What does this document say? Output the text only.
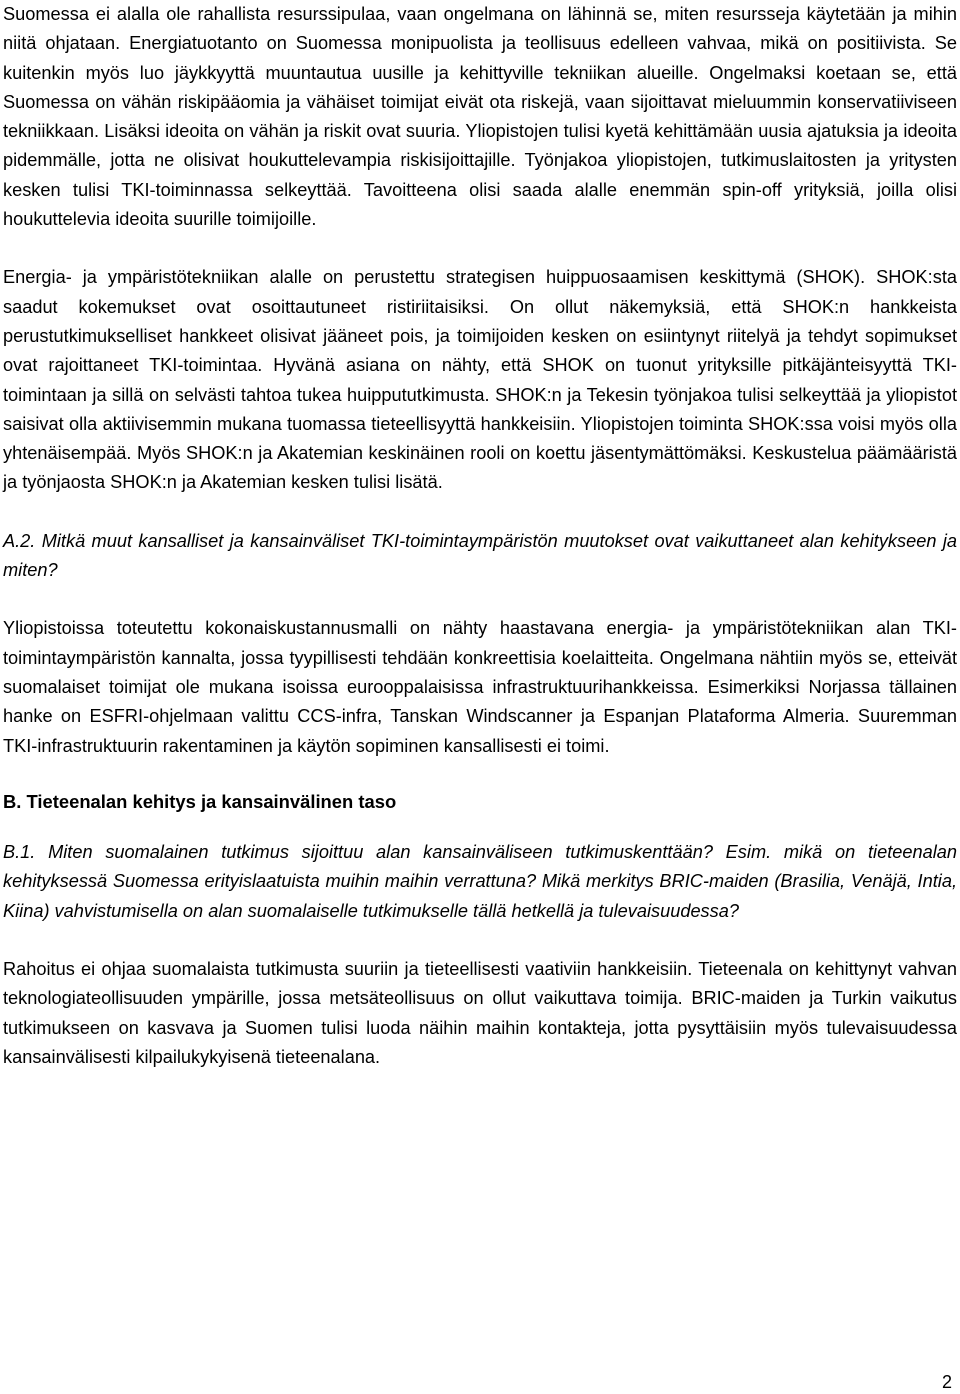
Suomessa ei alalla ole rahallista resurssipulaa, vaan ongelmana on lähinnä se, miten resursseja käytetään ja mihin niitä ohjataan. Energiatuotanto on Suomessa monipuolista ja teollisuus edelleen vahvaa, mikä on positiivista. Se kuitenkin myös luo jäykkyyttä muuntautua uusille ja kehittyville tekniikan alueille. Ongelmaksi koetaan se, että Suomessa on vähän riskipääomia ja vähäiset toimijat eivät ota riskejä, vaan sijoittavat mieluummin konservatiiviseen tekniikkaan. Lisäksi ideoita on vähän ja riskit ovat suuria. Yliopistojen tulisi kyetä kehittämään uusia ajatuksia ja ideoita pidemmälle, jotta ne olisivat houkuttelevampia riskisijoittajille. Työnjakoa yliopistojen, tutkimuslaitosten ja yritysten kesken tulisi TKI-toiminnassa selkeyttää. Tavoitteena olisi saada alalle enemmän spin-off yrityksiä, joilla olisi houkuttelevia ideoita suurille toimijoille.

Energia- ja ympäristötekniikan alalle on perustettu strategisen huippuosaamisen keskittymä (SHOK). SHOK:sta saadut kokemukset ovat osoittautuneet ristiriitaisiksi. On ollut näkemyksiä, että SHOK:n hankkeista perustutkimukselliset hankkeet olisivat jääneet pois, ja toimijoiden kesken on esiintynyt riitelyä ja tehdyt sopimukset ovat rajoittaneet TKI-toimintaa. Hyvänä asiana on nähty, että SHOK on tuonut yrityksille pitkäjänteisyyttä TKI-toimintaan ja sillä on selvästi tahtoa tukea huippututkimusta. SHOK:n ja Tekesin työnjakoa tulisi selkeyttää ja yliopistot saisivat olla aktiivisemmin mukana tuomassa tieteellisyyttä hankkeisiin. Yliopistojen toiminta SHOK:ssa voisi myös olla yhtenäisempää. Myös SHOK:n ja Akatemian keskinäinen rooli on koettu jäsentymättömäksi. Keskustelua päämääristä ja työnjaosta SHOK:n ja Akatemian kesken tulisi lisätä.

A.2. Mitkä muut kansalliset ja kansainväliset TKI-toimintaympäristön muutokset ovat vaikuttaneet alan kehitykseen ja miten?

Yliopistoissa toteutettu kokonaiskustannusmalli on nähty haastavana energia- ja ympäristötekniikan alan TKI-toimintaympäristön kannalta, jossa tyypillisesti tehdään konkreettisia koelaitteita. Ongelmana nähtiin myös se, etteivät suomalaiset toimijat ole mukana isoissa eurooppalaisissa infrastruktuurihankkeissa. Esimerkiksi Norjassa tällainen hanke on ESFRI-ohjelmaan valittu CCS-infra, Tanskan Windscanner ja Espanjan Plataforma Almeria. Suuremman TKI-infrastruktuurin rakentaminen ja käytön sopiminen kansallisesti ei toimi.

B. Tieteenalan kehitys ja kansainvälinen taso

B.1. Miten suomalainen tutkimus sijoittuu alan kansainväliseen tutkimuskenttään? Esim. mikä on tieteenalan kehityksessä Suomessa erityislaatuista muihin maihin verrattuna? Mikä merkitys BRIC-maiden (Brasilia, Venäjä, Intia, Kiina) vahvistumisella on alan suomalaiselle tutkimukselle tällä hetkellä ja tulevaisuudessa?

Rahoitus ei ohjaa suomalaista tutkimusta suuriin ja tieteellisesti vaativiin hankkeisiin. Tieteenala on kehittynyt vahvan teknologiateollisuuden ympärille, jossa metsäteollisuus on ollut vaikuttava toimija. BRIC-maiden ja Turkin vaikutus tutkimukseen on kasvava ja Suomen tulisi luoda näihin maihin kontakteja, jotta pysyttäisiin myös tulevaisuudessa kansainvälisesti kilpailukykyisenä tieteenalana.

2
